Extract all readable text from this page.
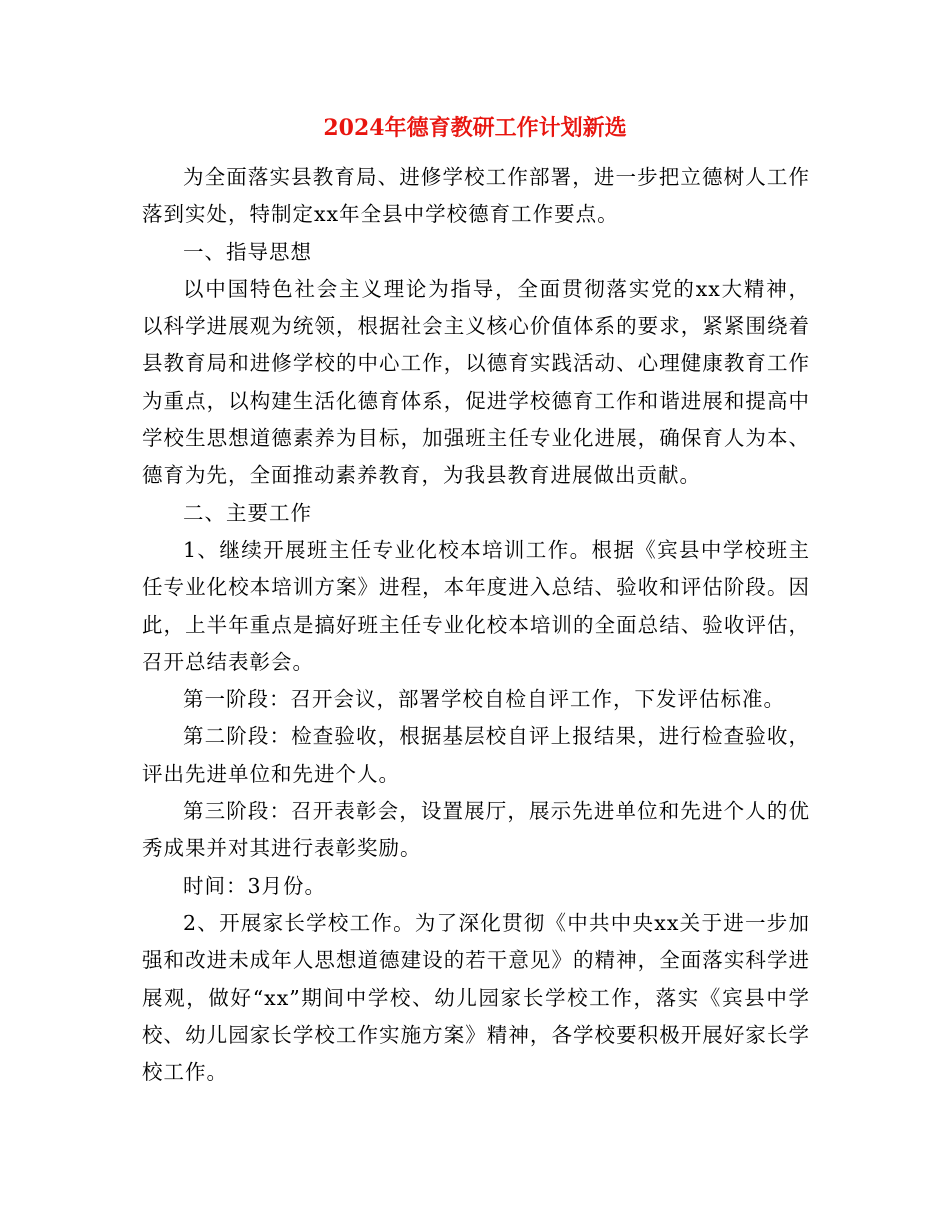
2024年德育教研工作计划新选

为全面落实县教育局、进修学校工作部署，进一步把立德树人工作落到实处，特制定xx年全县中学校德育工作要点。

一、指导思想

以中国特色社会主义理论为指导，全面贯彻落实党的xx大精神，以科学进展观为统领，根据社会主义核心价值体系的要求，紧紧围绕着县教育局和进修学校的中心工作，以德育实践活动、心理健康教育工作为重点，以构建生活化德育体系，促进学校德育工作和谐进展和提高中学校生思想道德素养为目标，加强班主任专业化进展，确保育人为本、德育为先，全面推动素养教育，为我县教育进展做出贡献。

二、主要工作

1、继续开展班主任专业化校本培训工作。根据《宾县中学校班主任专业化校本培训方案》进程，本年度进入总结、验收和评估阶段。因此，上半年重点是搞好班主任专业化校本培训的全面总结、验收评估，召开总结表彰会。

第一阶段：召开会议，部署学校自检自评工作，下发评估标准。

第二阶段：检查验收，根据基层校自评上报结果，进行检查验收，评出先进单位和先进个人。

第三阶段：召开表彰会，设置展厅，展示先进单位和先进个人的优秀成果并对其进行表彰奖励。

时间：3月份。

2、开展家长学校工作。为了深化贯彻《中共中央xx关于进一步加强和改进未成年人思想道德建设的若干意见》的精神，全面落实科学进展观，做好“xx”期间中学校、幼儿园家长学校工作，落实《宾县中学校、幼儿园家长学校工作实施方案》精神，各学校要积极开展好家长学校工作。
